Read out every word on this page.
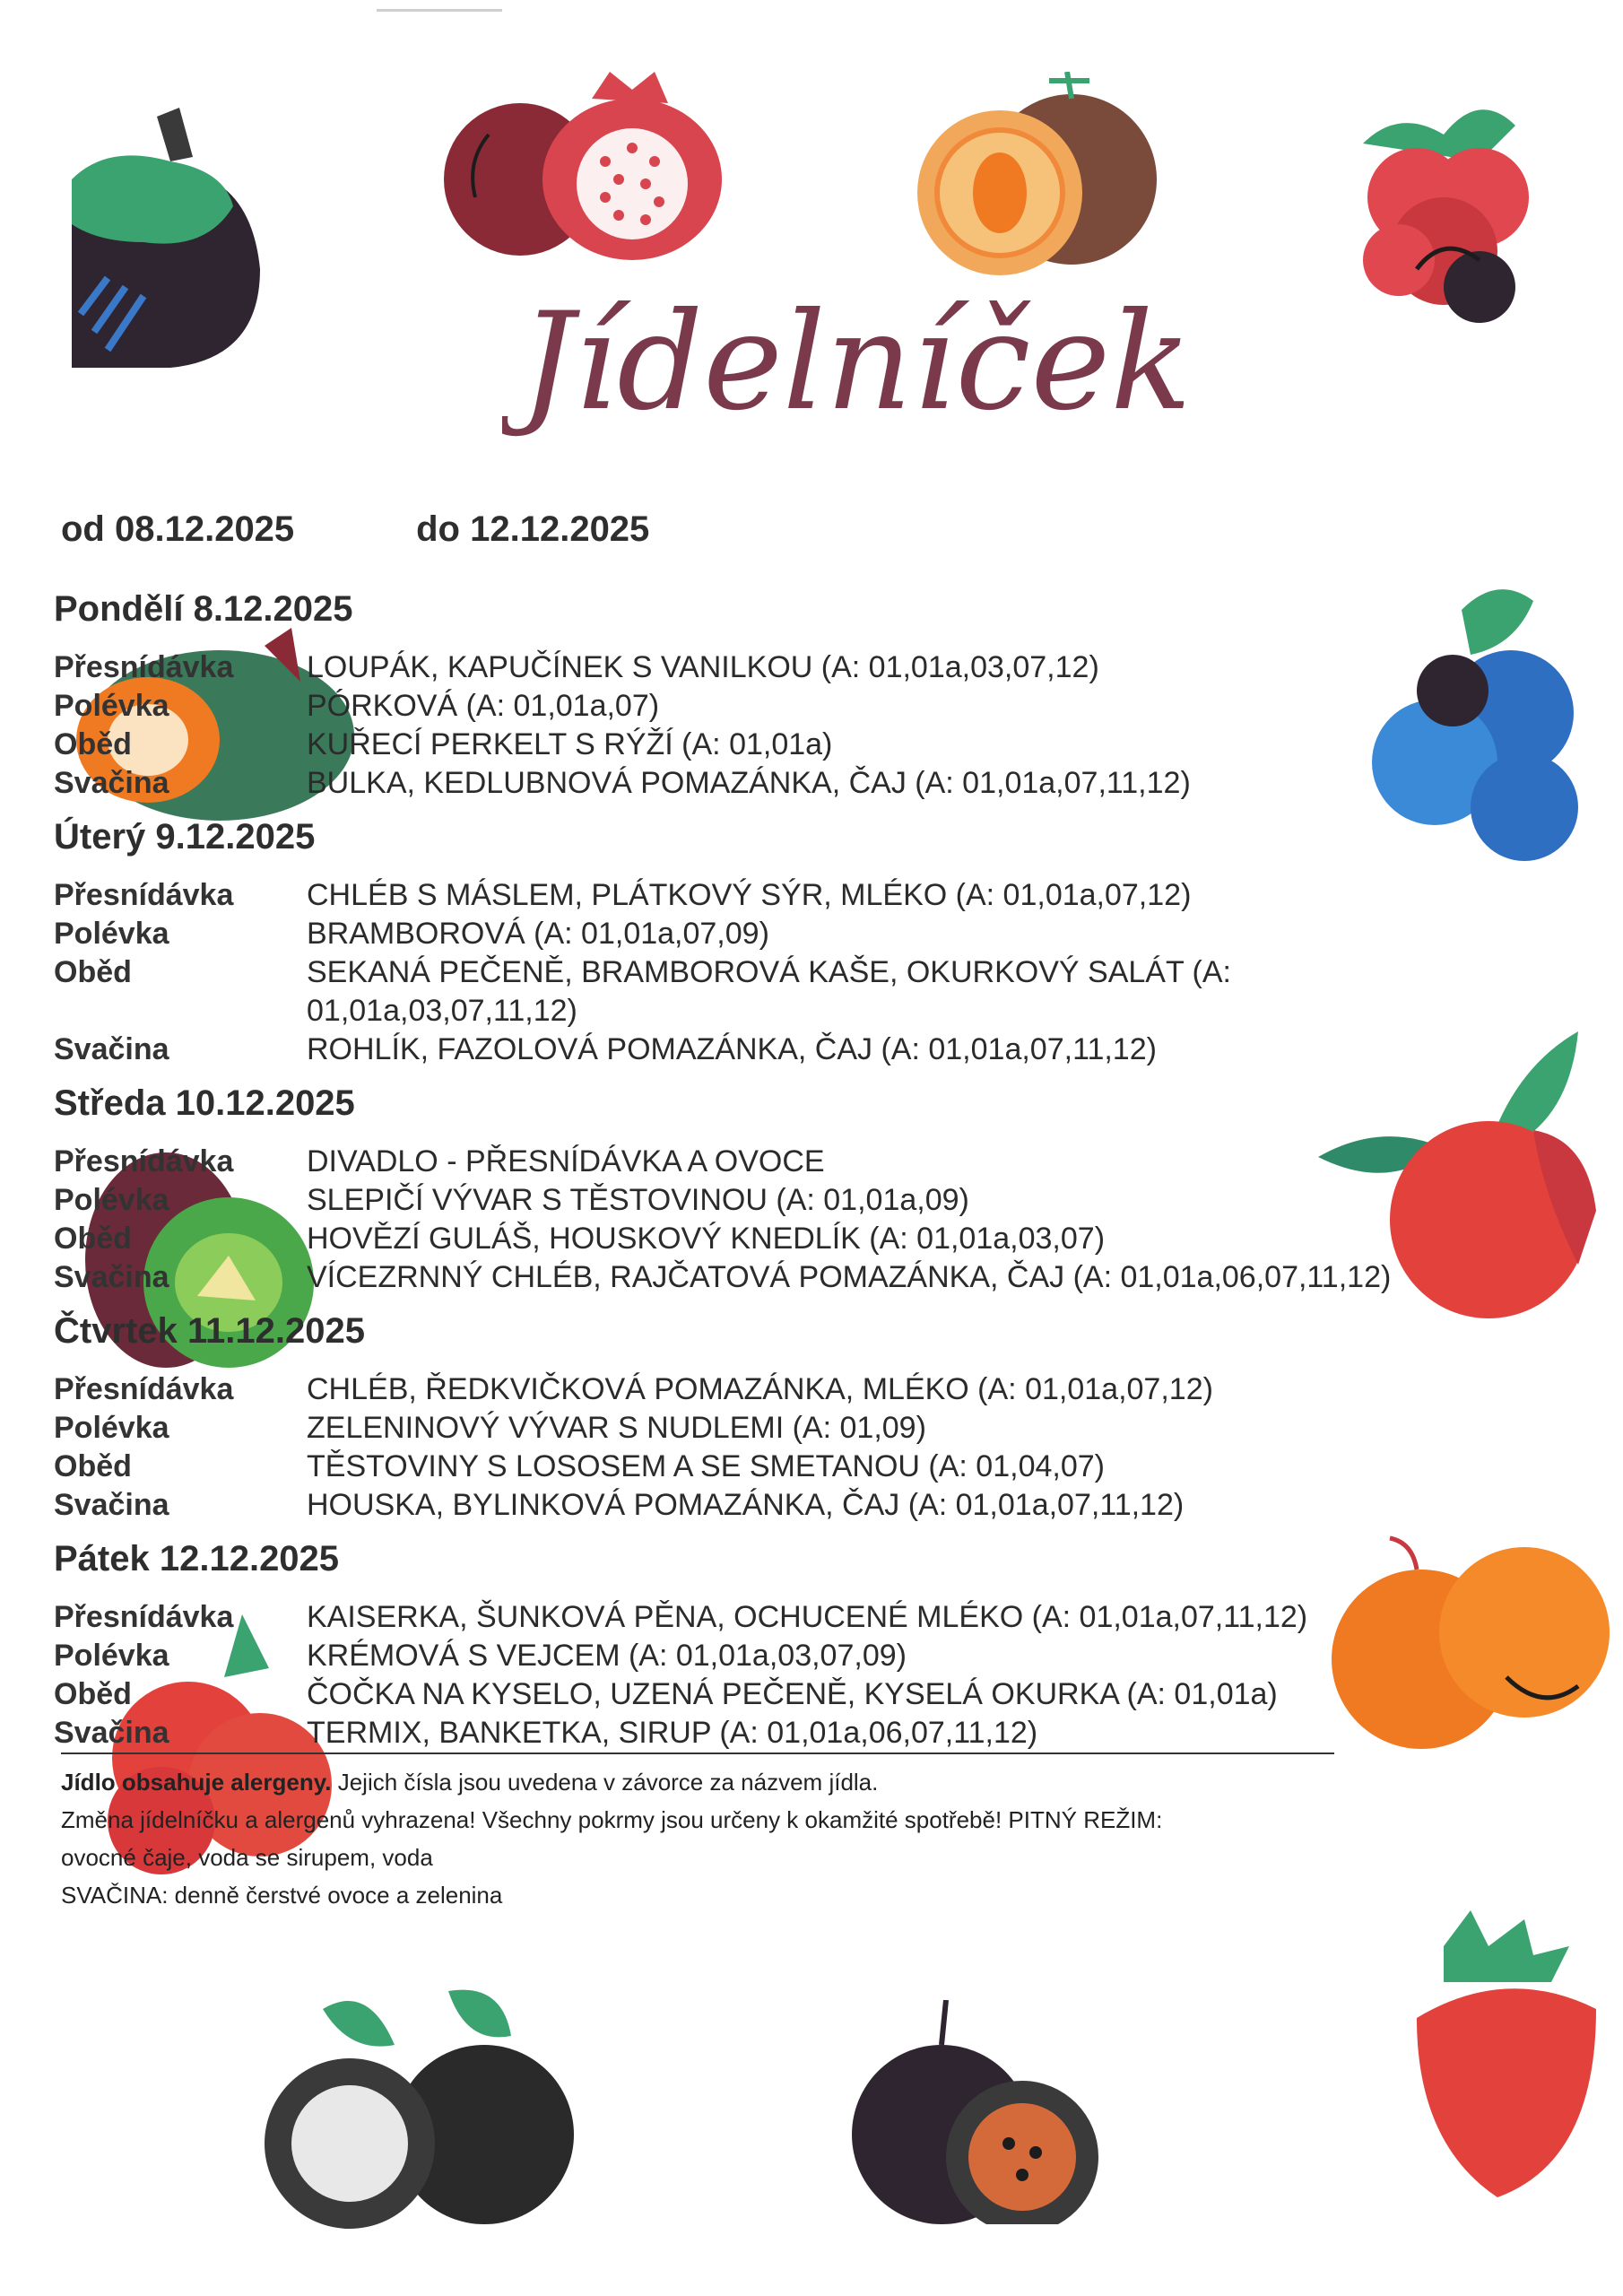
Jídelníček
od 08.12.2025	do 12.12.2025
Pondělí 8.12.2025
Přesnídávka	LOUPÁK, KAPUČÍNEK S VANILKOU (A: 01,01a,03,07,12)
Polévka	PÓRKOVÁ (A: 01,01a,07)
Oběd	KUŘECÍ PERKELT S RÝŽÍ (A: 01,01a)
Svačina	BULKA, KEDLUBNOVÁ POMAZÁNKA, ČAJ (A: 01,01a,07,11,12)
Úterý 9.12.2025
Přesnídávka	CHLÉB S MÁSLEM, PLÁTKOVÝ SÝR, MLÉKO (A: 01,01a,07,12)
Polévka	BRAMBOROVÁ (A: 01,01a,07,09)
Oběd	SEKANÁ PEČENĚ, BRAMBOROVÁ KAŠE, OKURKOVÝ SALÁT (A: 01,01a,03,07,11,12)
Svačina	ROHLÍK, FAZOLOVÁ POMAZÁNKA, ČAJ (A: 01,01a,07,11,12)
Středa 10.12.2025
Přesnídávka	DIVADLO - PŘESNÍDÁVKA A OVOCE
Polévka	SLEPIČÍ VÝVAR S TĚSTOVINOU (A: 01,01a,09)
Oběd	HOVĚZÍ GULÁŠ, HOUSKOVÝ KNEDLÍK (A: 01,01a,03,07)
Svačina	VÍCEZRNNÝ CHLÉB, RAJČATOVÁ POMAZÁNKA, ČAJ (A: 01,01a,06,07,11,12)
Čtvrtek 11.12.2025
Přesnídávka	CHLÉB, ŘEDKVIČKOVÁ POMAZÁNKA, MLÉKO (A: 01,01a,07,12)
Polévka	ZELENINOVÝ VÝVAR S NUDLEMI (A: 01,09)
Oběd	TĚSTOVINY S LOSOSEM A SE SMETANOU (A: 01,04,07)
Svačina	HOUSKA, BYLINKOVÁ POMAZÁNKA, ČAJ (A: 01,01a,07,11,12)
Pátek 12.12.2025
Přesnídávka	KAISERKA, ŠUNKOVÁ PĚNA, OCHUCENÉ MLÉKO (A: 01,01a,07,11,12)
Polévka	KRÉMOVÁ S VEJCEM (A: 01,01a,03,07,09)
Oběd	ČOČKA NA KYSELO, UZENÁ PEČENĚ, KYSELÁ OKURKA (A: 01,01a)
Svačina	TERMIX, BANKETKA, SIRUP (A: 01,01a,06,07,11,12)

Jídlo obsahuje alergeny. Jejich čísla jsou uvedena v závorce za názvem jídla.

Změna jídelníčku a alergenů vyhrazena! Všechny pokrmy jsou určeny k okamžité spotřebě! PITNÝ REŽIM:

ovocné čaje, voda se sirupem, voda

SVAČINA: denně čerstvé ovoce a zelenina
